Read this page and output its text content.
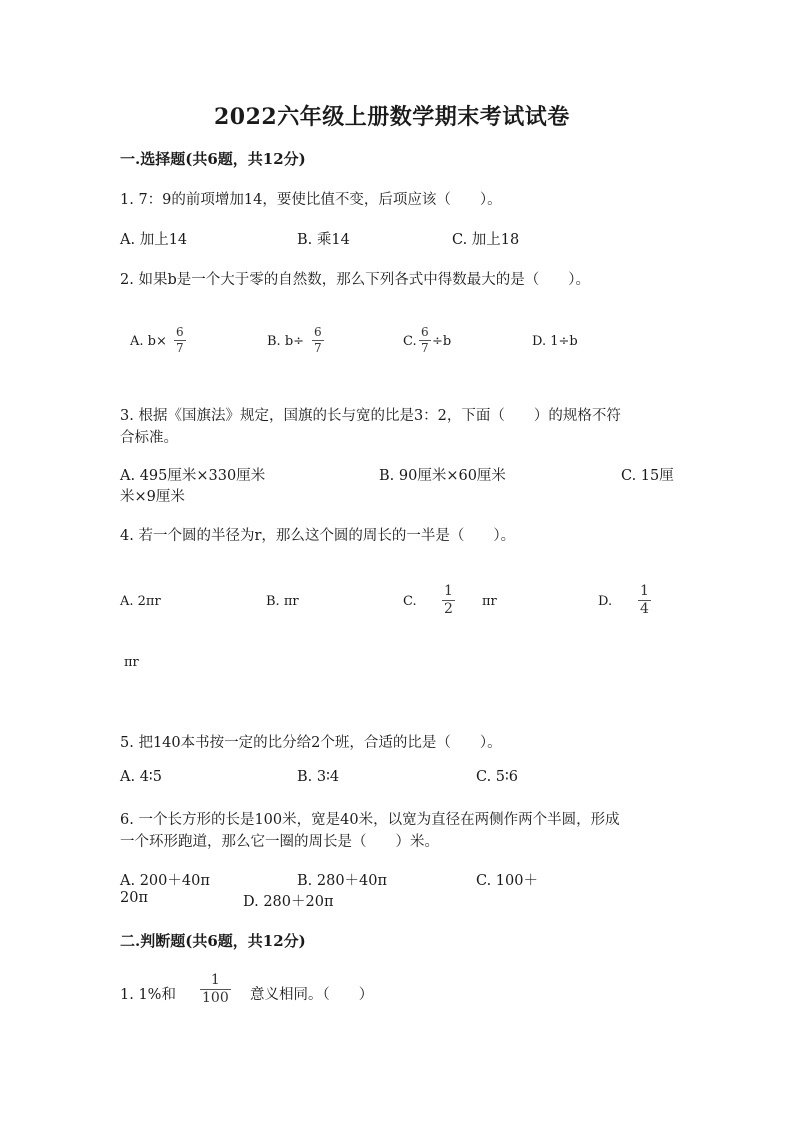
2022六年级上册数学期末考试试卷
一.选择题(共6题，共12分)
1. 7：9的前项增加14，要使比值不变，后项应该（　　）。
A. 加上14	B. 乘14	C. 加上18
2. 如果b是一个大于零的自然数，那么下列各式中得数最大的是（　　）。
A. b×
6
7	B. b÷
6
7	C.
6
7 ÷b	D. 1÷b
3. 根据《国旗法》规定，国旗的长与宽的比是3：2，下面（　　）的规格不符
合标准。
A. 495厘米×330厘米	B. 90厘米×60厘米	C. 15厘
米×9厘米
4. 若一个圆的半径为r，那么这个圆的周长的一半是（　　）。
A. 2πr	B. πr	C.
1
2 πr	D.
1
4
πr
5. 把140本书按一定的比分给2个班，合适的比是（　　）。
A. 4∶5	B. 3∶4	C. 5∶6
6. 一个长方形的长是100米，宽是40米，以宽为直径在两侧作两个半圆，形成
一个环形跑道，那么它一圈的周长是（　　）米。
A. 200＋40π	B. 280＋40π	C. 100＋
20π	D. 280＋20π
二.判断题(共6题，共12分)
1. 1%和
1
100 意义相同。（　　）
